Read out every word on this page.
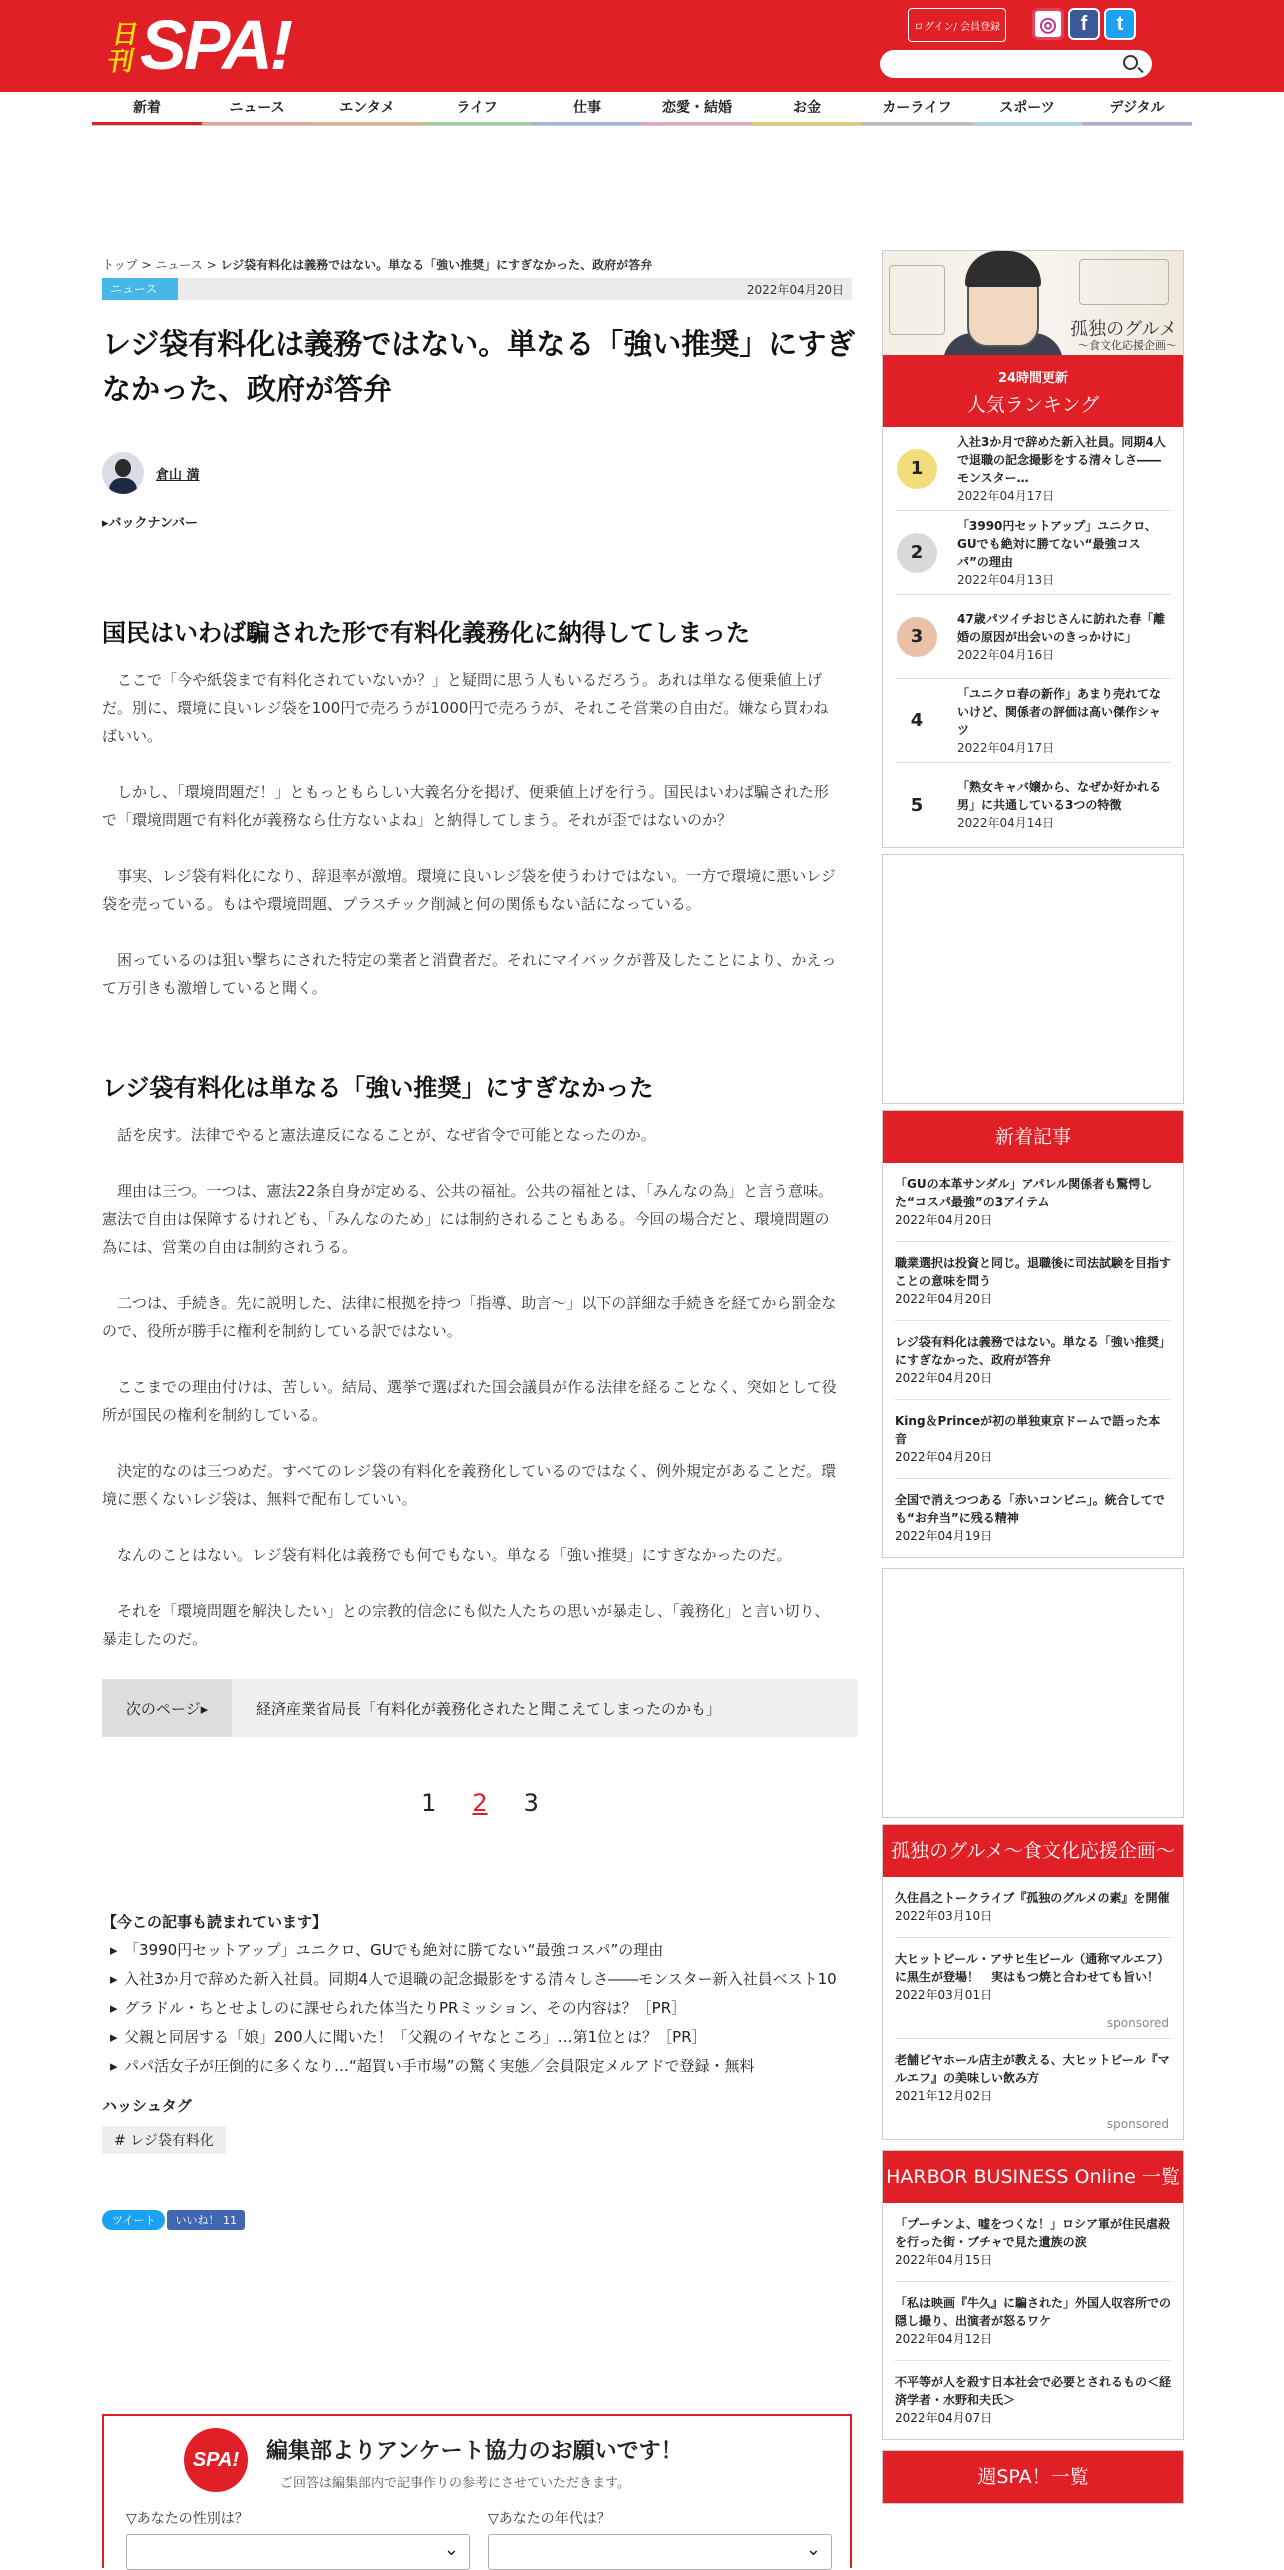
日
刊 SPA!	ログイン/ 会員登録	◎	f	t
新着	ニュース	エンタメ	ライフ	仕事	恋愛・結婚	お金	カーライフ	スポーツ	デジタル
トップ > ニュース > レジ袋有料化は義務ではない。単なる「強い推奨」にすぎなかった、政府が答弁
ニュース	2022年04月20日
レジ袋有料化は義務ではない。単なる「強い推奨」にすぎなかった、政府が答弁
倉山 満
▸バックナンバー
国民はいわば騙された形で有料化義務化に納得してしまった

ここで「今や紙袋まで有料化されていないか？」と疑問に思う人もいるだろう。あれは単なる便乗値上げだ。別に、環境に良いレジ袋を100円で売ろうが1000円で売ろうが、それこそ営業の自由だ。嫌なら買わねばいい。

しかし、「環境問題だ！」ともっともらしい大義名分を掲げ、便乗値上げを行う。国民はいわば騙された形で「環境問題で有料化が義務なら仕方ないよね」と納得してしまう。それが歪ではないのか？

事実、レジ袋有料化になり、辞退率が激増。環境に良いレジ袋を使うわけではない。一方で環境に悪いレジ袋を売っている。もはや環境問題、プラスチック削減と何の関係もない話になっている。

困っているのは狙い撃ちにされた特定の業者と消費者だ。それにマイバックが普及したことにより、かえって万引きも激増していると聞く。

レジ袋有料化は単なる「強い推奨」にすぎなかった

話を戻す。法律でやると憲法違反になることが、なぜ省令で可能となったのか。

理由は三つ。一つは、憲法22条自身が定める、公共の福祉。公共の福祉とは、「みんなの為」と言う意味。憲法で自由は保障するけれども、「みんなのため」には制約されることもある。今回の場合だと、環境問題の為には、営業の自由は制約されうる。

二つは、手続き。先に説明した、法律に根拠を持つ「指導、助言～」以下の詳細な手続きを経てから罰金なので、役所が勝手に権利を制約している訳ではない。

ここまでの理由付けは、苦しい。結局、選挙で選ばれた国会議員が作る法律を経ることなく、突如として役所が国民の権利を制約している。

決定的なのは三つめだ。すべてのレジ袋の有料化を義務化しているのではなく、例外規定があることだ。環境に悪くないレジ袋は、無料で配布していい。

なんのことはない。レジ袋有料化は義務でも何でもない。単なる「強い推奨」にすぎなかったのだ。

それを「環境問題を解決したい」との宗教的信念にも似た人たちの思いが暴走し、「義務化」と言い切り、暴走したのだ。

次のページ▸	経済産業省局長「有料化が義務化されたと聞こえてしまったのかも」
1 2 3
【今この記事も読まれています】
▸ 「3990円セットアップ」ユニクロ、GUでも絶対に勝てない“最強コスパ”の理由
▸ 入社3か月で辞めた新入社員。同期4人で退職の記念撮影をする清々しさ――モンスター新入社員ベスト10
▸ グラドル・ちとせよしのに課せられた体当たりPRミッション、その内容は？［PR］
▸ 父親と同居する「娘」200人に聞いた！「父親のイヤなところ」…第1位とは？［PR］
▸ パパ活女子が圧倒的に多くなり…“超買い手市場”の驚く実態／会員限定メルアドで登録・無料
ハッシュタグ
# レジ袋有料化
ツイート	いいね！ 11
SPA!	編集部よりアンケート協力のお願いです！
ご回答は編集部内で記事作りの参考にさせていただきます。
▽あなたの性別は？	▽あなたの年代は？
⌄
⌄
孤独のグルメ
～食文化応援企画～
24時間更新
人気ランキング
1
入社3か月で辞めた新入社員。同期4人で退職の記念撮影をする清々しさ――モンスター…
2022年04月17日
2
「3990円セットアップ」ユニクロ、GUでも絶対に勝てない“最強コスパ”の理由
2022年04月13日
3
47歳パツイチおじさんに訪れた春「離婚の原因が出会いのきっかけに」
2022年04月16日
4
「ユニクロ春の新作」あまり売れてないけど、関係者の評価は高い傑作シャツ
2022年04月17日
5
「熟女キャバ嬢から、なぜか好かれる男」に共通している3つの特徴
2022年04月14日
新着記事
「GUの本革サンダル」アパレル関係者も驚愕した“コスパ最強”の3アイテム
2022年04月20日
職業選択は投資と同じ。退職後に司法試験を目指すことの意味を問う
2022年04月20日
レジ袋有料化は義務ではない。単なる「強い推奨」にすぎなかった、政府が答弁
2022年04月20日
King＆Princeが初の単独東京ドームで語った本音
2022年04月20日
全国で消えつつある「赤いコンビニ」。統合してでも“お弁当”に残る精神
2022年04月19日
孤独のグルメ～食文化応援企画～
久住昌之トークライブ『孤独のグルメの素』を開催
2022年03月10日
大ヒットビール・アサヒ生ビール（通称マルエフ）に黒生が登場！　実はもつ焼と合わせても旨い！
2022年03月01日
sponsored
老舗ビヤホール店主が教える、大ヒットビール『マルエフ』の美味しい飲み方
2021年12月02日
sponsored
HARBOR BUSINESS Online 一覧
「プーチンよ、嘘をつくな！」ロシア軍が住民虐殺を行った街・ブチャで見た遺族の涙
2022年04月15日
「私は映画『牛久』に騙された」外国人収容所での隠し撮り、出演者が怒るワケ
2022年04月12日
不平等が人を殺す日本社会で必要とされるもの＜経済学者・水野和夫氏＞
2022年04月07日
週SPA！一覧
